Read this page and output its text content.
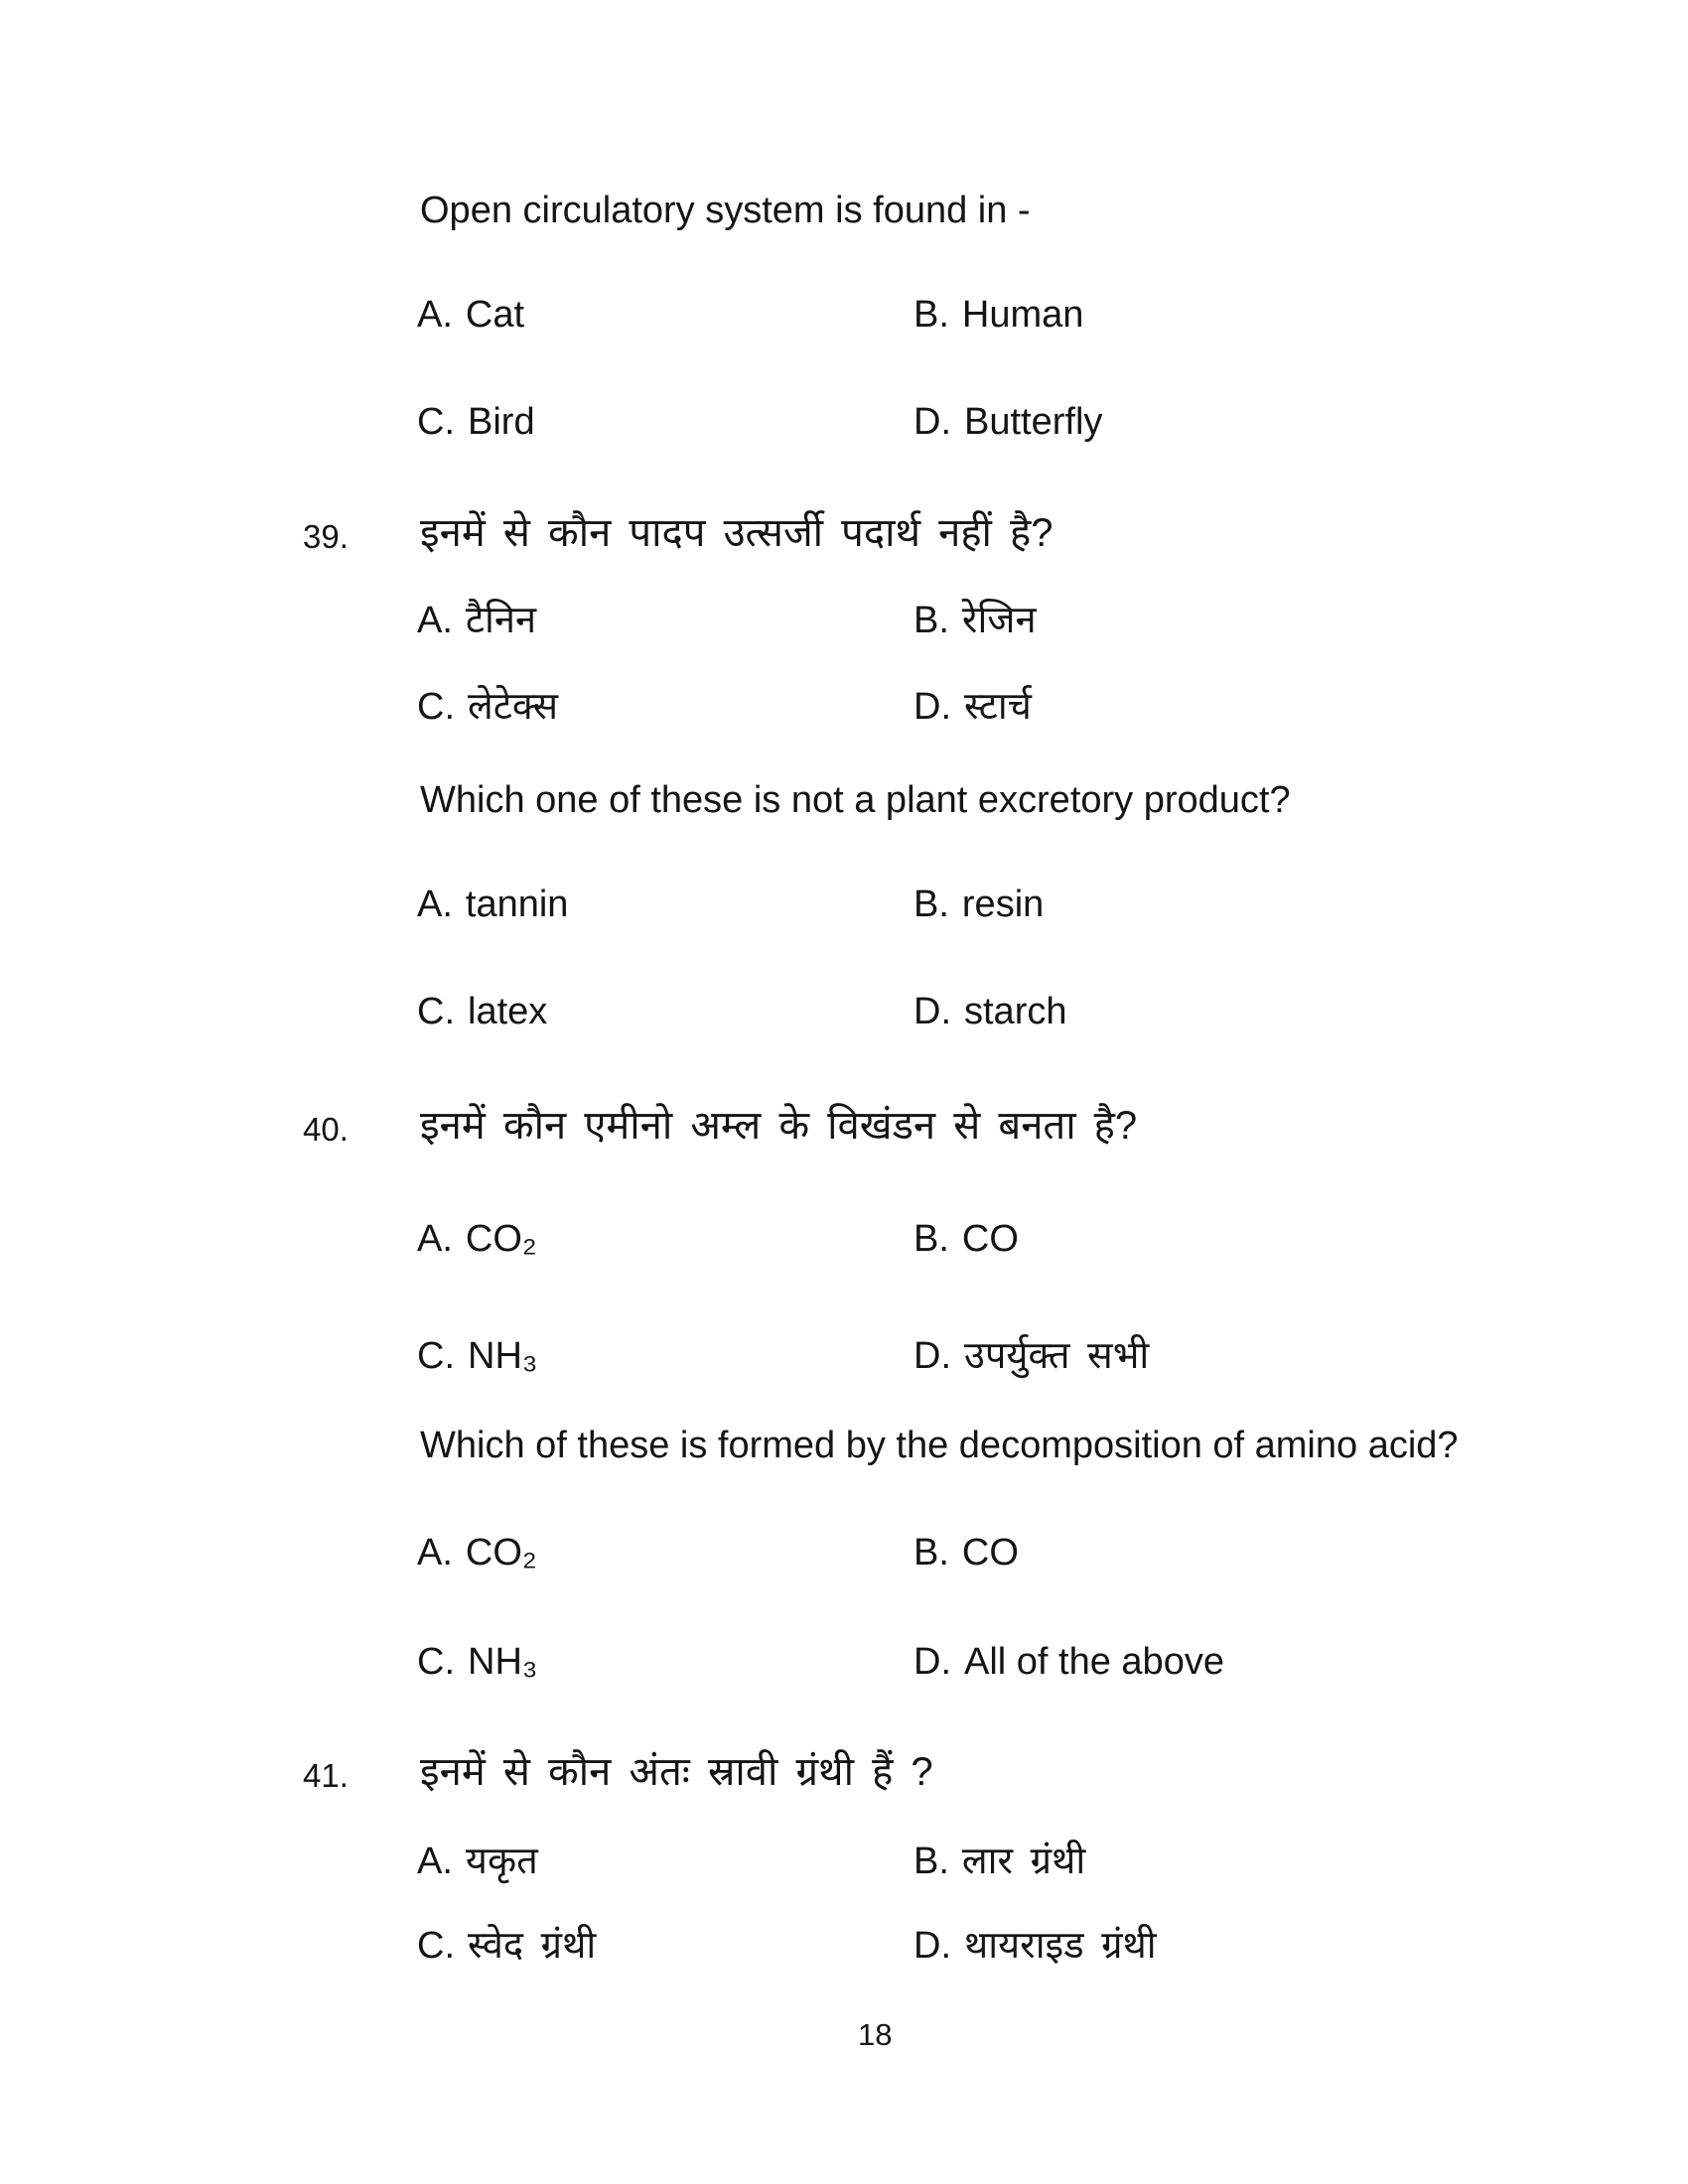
Open circulatory system is found in -
A. Cat	B. Human
C. Bird	D. Butterfly
39. इनमें से कौन पादप उत्सर्जी पदार्थ नहीं है?
A. टैनिन	B. रेजिन
C. लेटेक्स	D. स्टार्च
Which one of these is not a plant excretory product?
A. tannin	B. resin
C. latex	D. starch
40. इनमें कौन एमीनो अम्ल के विखंडन से बनता है?
A. CO₂	B. CO
C. NH₃	D. उपर्युक्त सभी
Which of these is formed by the decomposition of amino acid?
A. CO₂	B. CO
C. NH₃	D. All of the above
41. इनमें से कौन अंतः स्रावी ग्रंथी हैं ?
A. यकृत	B. लार ग्रंथी
C. स्वेद ग्रंथी	D. थायराइड ग्रंथी
18
